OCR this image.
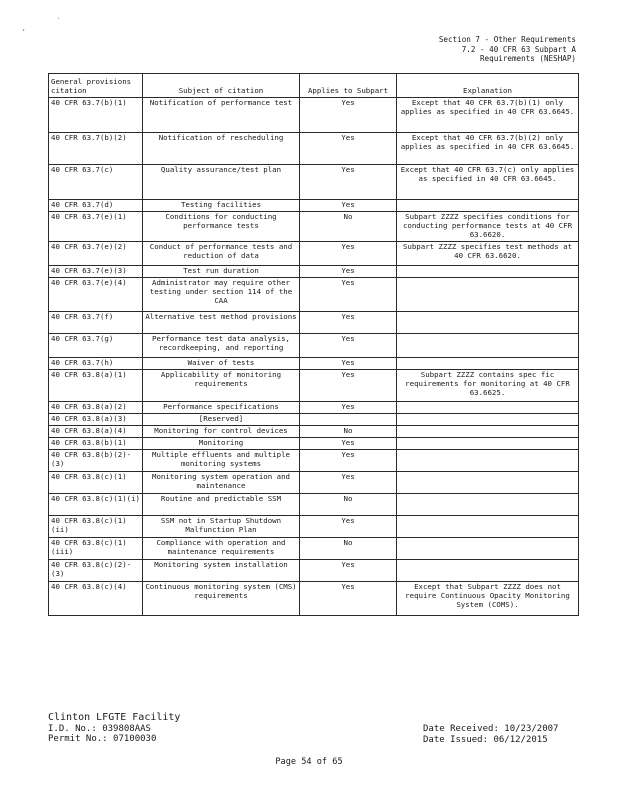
,
`
Section 7 - Other Requirements
7.2 - 40 CFR 63 Subpart A
Requirements (NESHAP)
General provisions citation	Subject of citation	Applies to Subpart	Explanation
40 CFR 63.7(b)(1)	Notification of performance test	Yes	Except that 40 CFR 63.7(b)(1) only applies as specified in 40 CFR 63.6645.
40 CFR 63.7(b)(2)	Notification of rescheduling	Yes	Except that 40 CFR 63.7(b)(2) only applies as specified in 40 CFR 63.6645.
40 CFR 63.7(c)	Quality assurance/test plan	Yes	Except that 40 CFR 63.7(c) only applies as specified in 40 CFR 63.6645.
40 CFR 63.7(d)	Testing facilities	Yes	
40 CFR 63.7(e)(1)	Conditions for conducting performance tests	No	Subpart ZZZZ specifies conditions for conducting performance tests at 40 CFR 63.6620.
40 CFR 63.7(e)(2)	Conduct of performance tests and reduction of data	Yes	Subpart ZZZZ specifies test methods at 40 CFR 63.6620.
40 CFR 63.7(e)(3)	Test run duration	Yes	
40 CFR 63.7(e)(4)	Administrator may require other testing under section 114 of the CAA	Yes	
40 CFR 63.7(f)	Alternative test method provisions	Yes	
40 CFR 63.7(g)	Performance test data analysis, recordkeeping, and reporting	Yes	
40 CFR 63.7(h)	Waiver of tests	Yes	
40 CFR 63.8(a)(1)	Applicability of monitoring requirements	Yes	Subpart ZZZZ contains spec fic requirements for monitoring at 40 CFR 63.6625.
40 CFR 63.8(a)(2)	Performance specifications	Yes	
40 CFR 63.8(a)(3)	[Reserved]		
40 CFR 63.8(a)(4)	Monitoring for control devices	No	
40 CFR 63.8(b)(1)	Monitoring	Yes	
40 CFR 63.8(b)(2)-(3)	Multiple effluents and multiple monitoring systems	Yes	
40 CFR 63.8(c)(1)	Monitoring system operation and maintenance	Yes	
40 CFR 63.8(c)(1)(i)	Routine and predictable SSM	No	
40 CFR 63.8(c)(1)(ii)	SSM not in Startup Shutdown Malfunction Plan	Yes	
40 CFR 63.8(c)(1)(iii)	Compliance with operation and maintenance requirements	No	
40 CFR 63.8(c)(2)-(3)	Monitoring system installation	Yes	
40 CFR 63.8(c)(4)	Continuous monitoring system (CMS) requirements	Yes	Except that Subpart ZZZZ does not require Continuous Opacity Monitoring System (COMS).
Clinton LFGTE Facility
I.D. No.: 039808AAS
Permit No.: 07100030
Date Received: 10/23/2007
Date Issued: 06/12/2015
Page 54 of 65
